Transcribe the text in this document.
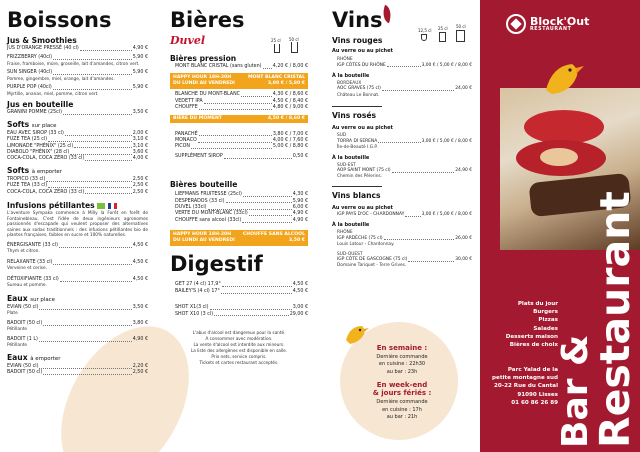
Boissons
Jus & Smoothies
JUS D'ORANGE PRESSÉ (40 cl)	4,90 €
FRIZZBERRY (40cl)	5,90 €
Fraise, framboise, mûre, groseille, lait d'amandes, citron vert.
SUN SINGER (40cl)	5,90 €
Pomme, gingembre, miel, orange, lait d'amandes.
PURPLE POP (40cl)	5,90 €
Myrtille, ananas, miel, pomme, citron vert.
Jus en bouteille
GRANINI POMME (25cl)	3,50 €
Softs sur place
EAU AVEC SIROP (33 cl)	2,00 €
FUZE TEA (25 cl)	3,10 €
LIMONADE "PHÉNIX" (25 cl)	3,10 €
DIABOLO "PHÉNIX" (28 cl)	3,60 €
COCA-COLA, COCA ZÉRO (33 cl)	4,00 €
Softs à emporter
TROPICO (33 cl)	2,50 €
FUZE TEA (33 cl)	2,50 €
COCA-COLA, COCA ZÉRO (33 cl)	2,50 €
Infusions pétillantes
L'aventure Sympaka commence à Milly la Forêt en forêt de Fontainebleau. C'est l'idée de deux ingénieurs agronomes passionnés d'escapade qui veulent proposer des alternatives saines aux sodas traditionnels : des infusions pétillantes bio de plantes françaises, faibles en sucre et 100% naturelles.
ÉNERGISANTE (33 cl)	4,50 €
Thym et citron.
RELAXANTE (33 cl)	4,50 €
Verveine et cerise.
DÉTOXIFIANTE (33 cl)	4,50 €
Sureau et pomme.
Eaux sur place
EVIAN (50 cl)	3,50 €
Plate
BADOIT (50 cl)	3,80 €
Pétillante
BADOIT (1 L)	4,90 €
Pétillante
Eaux à emporter
EVIAN (50 cl)	2,20 €
BADOIT (50 cl)	2,50 €
Bières
Duvel	25 cl 50 cl
Bières pression
MONT BLANC CRISTAL (sans gluten) 4,20 € / 8,00 €
HAPPY HOUR 18H-20H
DU LUNDI AU VENDREDI
MONT BLANC CRISTAL
3,00 € / 5,80 €
BLANCHE DU MONT-BLANC	4,30 € / 8,60 €
VEDETT IPA	4,50 € / 8,40 €
CHOUFFE	4,80 € / 9,00 €
BIÈRE DU MOMENT	4,50 € / 8,60 €
PANACHÉ	3,80 € / 7,00 €
MONACO	4,00 € / 7,60 €
PICON	5,00 € / 8,80 €
SUPPLÉMENT SIROP	0,50 €
Bières bouteille
LIEFMANS FRUITESSE (25cl)	4,30 €
DESPERADOS (33 cl)	5,90 €
DUVEL (33cl)	6,00 €
VERTE DU MONT-BLANC (33cl)	4,90 €
CHOUFFE sans alcool (33cl)	4,90 €
HAPPY HOUR 18H-20H
DU LUNDI AU VENDREDI
CHOUFFE SANS ALCOOL
3,50 €
Digestif
GET 27 (4 cl) 17,9°	4,50 €
BAILEY'S (4 cl) 17°	4,50 €
SHOT X1(3 cl)	3,00 €
SHOT X10 (3 cl)	29,00 €
L'abus d'alcool est dangereux pour la santé.
A consommer avec modération.
La vente d'alcool est interdite aux mineurs.
La liste des allergènes est disponible en salle.
Prix nets, service compris.
Tickets et cartes restaurant acceptés.
Vins	12,5 cl 25 cl 50 cl
Vins rouges
Au verre ou au pichet
RHÔNE
IGP CÔTES DU RHÔNE	3,00 € / 5,00 € / 8,00 €
À la bouteille
BORDEAUX
AOC GRAVES (75 cl)	24,00 €
Château Le Bonnat.
Vins rosés
Au verre ou au pichet
SUD
TORRA DI SERENA	3,00 € / 5,00 € / 8,00 €
Île-de-Beauté I.G.P.
À la bouteille
SUD-EST
AOP SAINT MONT (75 cl)	24,90 €
Chemin des Pèlerins.
Vins blancs
Au verre ou au pichet
IGP PAYS D'OC - CHARDONNAY	3,00 € / 5,00 € / 8,00 €
À la bouteille
RHÔNE
IGP ARDÈCHE (75 cl)	26,00 €
Louis Latour - Chardonnay.
SUD-OUEST
IGP CÔTE DE GASCOGNE (75 cl)	30,00 €
Domaine Tariquet - Terre Grives.
En semaine :
Dernière commande
en cuisine : 22h30
au bar : 23h
En week-end
& jours fériés :
Dernière commande
en cuisine : 17h
au bar : 21h
Block'Out
RESTAURANT
Plats du jour
Burgers
Pizzas
Salades
Desserts maison
Bières de choix
Parc Yalad de la
petite montagne sud
20-22 Rue du Cantal
91090 Lisses
01 60 86 26 89
Bar &
Restaurant
